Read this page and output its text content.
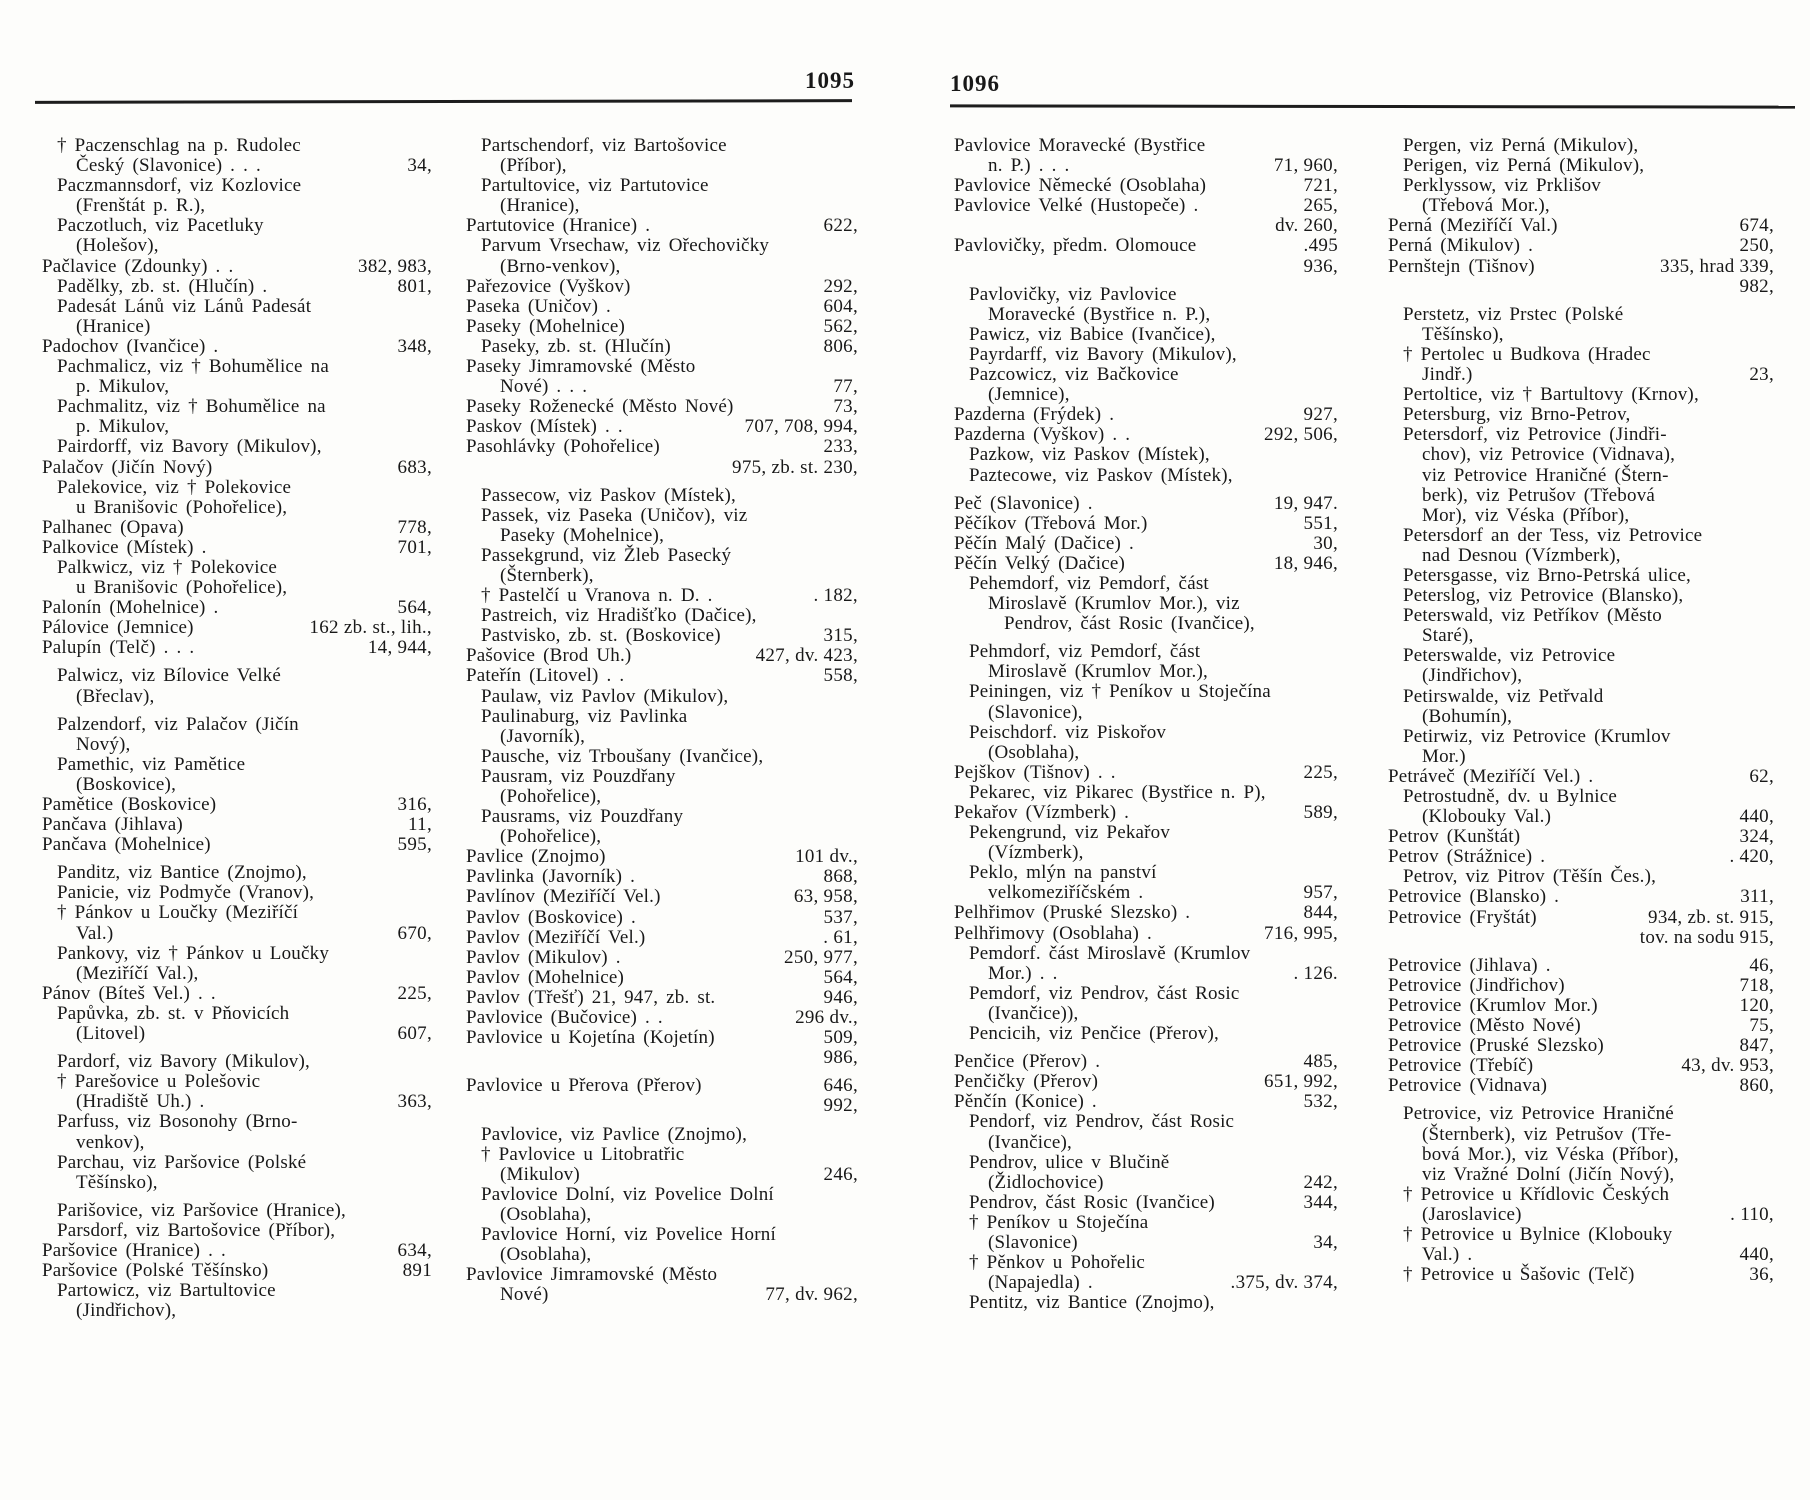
1095	1096
† Paczenschlag na p. Rudolec
Český (Slavonice) . . .	34,
Paczmannsdorf, viz Kozlovice
(Frenštát p. R.),
Paczotluch, viz Pacetluky
(Holešov),
Pačlavice (Zdounky) . .	382, 983,
Padělky, zb. st. (Hlučín) .	801,
Padesát Lánů viz Lánů Padesát
(Hranice)
Padochov (Ivančice) .	348,
Pachmalicz, viz † Bohumělice na
p. Mikulov,
Pachmalitz, viz † Bohumělice na
p. Mikulov,
Pairdorff, viz Bavory (Mikulov),
Palačov (Jičín Nový)	683,
Palekovice, viz † Polekovice
u Branišovic (Pohořelice),
Palhanec (Opava)	778,
Palkovice (Místek) .	701,
Palkwicz, viz † Polekovice
u Branišovic (Pohořelice),
Palonín (Mohelnice) .	564,
Pálovice (Jemnice)	162 zb. st., lih.,
Palupín (Telč) . . .	14, 944,
Palwicz, viz Bílovice Velké
(Břeclav),
Palzendorf, viz Palačov (Jičín
Nový),
Pamethic, viz Pamětice
(Boskovice),
Pamětice (Boskovice)	316,
Pančava (Jihlava)	11,
Pančava (Mohelnice)	595,
Panditz, viz Bantice (Znojmo),
Panicie, viz Podmyče (Vranov),
† Pánkov u Loučky (Meziříčí
Val.)	670,
Pankovy, viz † Pánkov u Loučky
(Meziříčí Val.),
Pánov (Bíteš Vel.) . .	225,
Papůvka, zb. st. v Pňovicích
(Litovel)	607,
Pardorf, viz Bavory (Mikulov),
† Parešovice u Polešovic
(Hradiště Uh.) .	363,
Parfuss, viz Bosonohy (Brno-
venkov),
Parchau, viz Paršovice (Polské
Těšínsko),
Parišovice, viz Paršovice (Hranice),
Parsdorf, viz Bartošovice (Příbor),
Paršovice (Hranice) . .	634,
Paršovice (Polské Těšínsko)	891
Partowicz, viz Bartultovice
(Jindřichov),
Partschendorf, viz Bartošovice
(Příbor),
Partultovice, viz Partutovice
(Hranice),
Partutovice (Hranice) .	622,
Parvum Vrsechaw, viz Ořechovičky
(Brno-venkov),
Pařezovice (Vyškov)	292,
Paseka (Uničov) .	604,
Paseky (Mohelnice)	562,
Paseky, zb. st. (Hlučín)	806,
Paseky Jimramovské (Město
Nové) . . .	77,
Paseky Roženecké (Město Nové)	73,
Paskov (Místek) . .	707, 708, 994,
Pasohlávky (Pohořelice)	233,
975, zb. st. 230,
Passecow, viz Paskov (Místek),
Passek, viz Paseka (Uničov), viz
Paseky (Mohelnice),
Passekgrund, viz Žleb Pasecký
(Šternberk),
† Pastelčí u Vranova n. D. .	. 182,
Pastreich, viz Hradišťko (Dačice),
Pastvisko, zb. st. (Boskovice)	315,
Pašovice (Brod Uh.)	427, dv. 423,
Pateřín (Litovel) . .	558,
Paulaw, viz Pavlov (Mikulov),
Paulinaburg, viz Pavlinka
(Javorník),
Pausche, viz Trboušany (Ivančice),
Pausram, viz Pouzdřany
(Pohořelice),
Pausrams, viz Pouzdřany
(Pohořelice),
Pavlice (Znojmo)	101 dv.,
Pavlinka (Javorník) .	868,
Pavlínov (Meziříčí Vel.)	63, 958,
Pavlov (Boskovice) .	537,
Pavlov (Meziříčí Vel.)	. 61,
Pavlov (Mikulov) .	250, 977,
Pavlov (Mohelnice)	564,
Pavlov (Třešť) 21, 947, zb. st.	946,
Pavlovice (Bučovice) . .	296 dv.,
Pavlovice u Kojetína (Kojetín)	509,
986,
Pavlovice u Přerova (Přerov)	646,
992,
Pavlovice, viz Pavlice (Znojmo),
† Pavlovice u Litobratřic
(Mikulov)	246,
Pavlovice Dolní, viz Povelice Dolní
(Osoblaha),
Pavlovice Horní, viz Povelice Horní
(Osoblaha),
Pavlovice Jimramovské (Město
Nové)	77, dv. 962,
Pavlovice Moravecké (Bystřice
n. P.) . . .	71, 960,
Pavlovice Německé (Osoblaha)	721,
Pavlovice Velké (Hustopeče) .	265,
dv. 260,
Pavlovičky, předm. Olomouce	.495
936,
Pavlovičky, viz Pavlovice
Moravecké (Bystřice n. P.),
Pawicz, viz Babice (Ivančice),
Payrdarff, viz Bavory (Mikulov),
Pazcowicz, viz Bačkovice
(Jemnice),
Pazderna (Frýdek) .	927,
Pazderna (Vyškov) . .	292, 506,
Pazkow, viz Paskov (Místek),
Paztecowe, viz Paskov (Místek),
Peč (Slavonice) .	19, 947.
Pěčíkov (Třebová Mor.)	551,
Pěčín Malý (Dačice) .	30,
Pěčín Velký (Dačice)	18, 946,
Pehemdorf, viz Pemdorf, část
Miroslavě (Krumlov Mor.), viz
Pendrov, část Rosic (Ivančice),
Pehmdorf, viz Pemdorf, část
Miroslavě (Krumlov Mor.),
Peiningen, viz † Peníkov u Stoječína
(Slavonice),
Peischdorf. viz Piskořov
(Osoblaha),
Pejškov (Tišnov) . .	225,
Pekarec, viz Pikarec (Bystřice n. P),
Pekařov (Vízmberk) .	589,
Pekengrund, viz Pekařov
(Vízmberk),
Peklo, mlýn na panství
velkomeziříčském .	957,
Pelhřimov (Pruské Slezsko) .	844,
Pelhřimovy (Osoblaha) .	716, 995,
Pemdorf. část Miroslavě (Krumlov
Mor.) . .	. 126.
Pemdorf, viz Pendrov, část Rosic
(Ivančice)),
Pencicih, viz Penčice (Přerov),
Penčice (Přerov) .	485,
Penčičky (Přerov)	651, 992,
Pěnčín (Konice) .	532,
Pendorf, viz Pendrov, část Rosic
(Ivančice),
Pendrov, ulice v Blučině
(Židlochovice)	242,
Pendrov, část Rosic (Ivančice)	344,
† Peníkov u Stoječína
(Slavonice)	34,
† Pěnkov u Pohořelic
(Napajedla) .	.375, dv. 374,
Pentitz, viz Bantice (Znojmo),
Pergen, viz Perná (Mikulov),
Perigen, viz Perná (Mikulov),
Perklyssow, viz Prklišov
(Třebová Mor.),
Perná (Meziříčí Val.)	674,
Perná (Mikulov) .	250,
Pernštejn (Tišnov)	335, hrad 339,
982,
Perstetz, viz Prstec (Polské
Těšínsko),
† Pertolec u Budkova (Hradec
Jindř.)	23,
Pertoltice, viz † Bartultovy (Krnov),
Petersburg, viz Brno-Petrov,
Petersdorf, viz Petrovice (Jindři-
chov), viz Petrovice (Vidnava),
viz Petrovice Hraničné (Štern-
berk), viz Petrušov (Třebová
Mor), viz Véska (Příbor),
Petersdorf an der Tess, viz Petrovice
nad Desnou (Vízmberk),
Petersgasse, viz Brno-Petrská ulice,
Peterslog, viz Petrovice (Blansko),
Peterswald, viz Petříkov (Město
Staré),
Peterswalde, viz Petrovice
(Jindřichov),
Petirswalde, viz Petřvald
(Bohumín),
Petirwiz, viz Petrovice (Krumlov
Mor.)
Petráveč (Meziříčí Vel.) .	62,
Petrostudně, dv. u Bylnice
(Klobouky Val.)	440,
Petrov (Kunštát)	324,
Petrov (Strážnice) .	. 420,
Petrov, viz Pitrov (Těšín Čes.),
Petrovice (Blansko) .	311,
Petrovice (Fryštát)	934, zb. st. 915,
tov. na sodu 915,
Petrovice (Jihlava) .	46,
Petrovice (Jindřichov)	718,
Petrovice (Krumlov Mor.)	120,
Petrovice (Město Nové)	75,
Petrovice (Pruské Slezsko)	847,
Petrovice (Třebíč)	43, dv. 953,
Petrovice (Vidnava)	860,
Petrovice, viz Petrovice Hraničné
(Šternberk), viz Petrušov (Tře-
bová Mor.), viz Véska (Příbor),
viz Vražné Dolní (Jičín Nový),
† Petrovice u Křídlovic Českých
(Jaroslavice)	. 110,
† Petrovice u Bylnice (Klobouky
Val.) .	440,
† Petrovice u Šašovic (Telč)	36,
